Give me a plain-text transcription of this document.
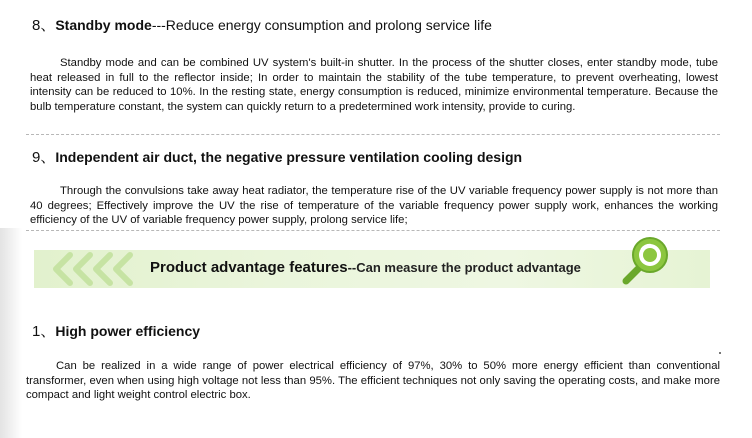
8、Standby mode---Reduce energy consumption and prolong service life

Standby mode and can be combined UV system's built-in shutter. In the process of the shutter closes, enter standby mode, tube heat released in full to the reflector inside; In order to maintain the stability of the tube temperature, to prevent overheating, lowest intensity can be reduced to 10%. In the resting state, energy consumption is reduced, minimize environmental temperature. Because the bulb temperature constant, the system can quickly return to a predetermined work intensity, provide to curing.

9、Independent air duct, the negative pressure ventilation cooling design

Through the convulsions take away heat radiator, the temperature rise of the UV variable frequency power supply is not more than 40 degrees; Effectively improve the UV the rise of temperature of the variable frequency power supply work, enhances the working efficiency of the UV of variable frequency power supply, prolong service life;

Product advantage features--Can measure the product advantage
1、High power efficiency

Can be realized in a wide range of power electrical efficiency of 97%, 30% to 50% more energy efficient than conventional transformer, even when using high voltage not less than 95%. The efficient techniques not only saving the operating costs, and make more compact and light weight control electric box.
